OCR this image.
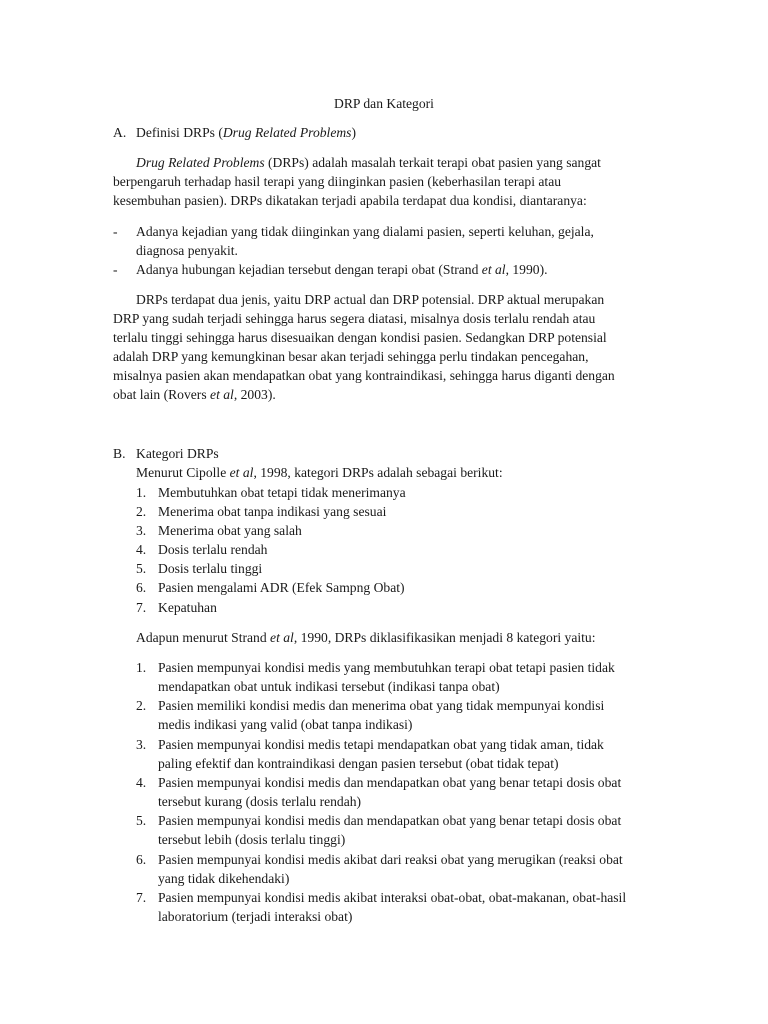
DRP dan Kategori
A. Definisi DRPs (Drug Related Problems)
Drug Related Problems (DRPs) adalah masalah terkait terapi obat pasien yang sangat
berpengaruh terhadap hasil terapi yang diinginkan pasien (keberhasilan terapi atau
kesembuhan pasien). DRPs dikatakan terjadi apabila terdapat dua kondisi, diantaranya:
- Adanya kejadian yang tidak diinginkan yang dialami pasien, seperti keluhan, gejala,
diagnosa penyakit.
- Adanya hubungan kejadian tersebut dengan terapi obat (Strand et al, 1990).
DRPs terdapat dua jenis, yaitu DRP actual dan DRP potensial. DRP aktual merupakan
DRP yang sudah terjadi sehingga harus segera diatasi, misalnya dosis terlalu rendah atau
terlalu tinggi sehingga harus disesuaikan dengan kondisi pasien. Sedangkan DRP potensial
adalah DRP yang kemungkinan besar akan terjadi sehingga perlu tindakan pencegahan,
misalnya pasien akan mendapatkan obat yang kontraindikasi, sehingga harus diganti dengan
obat lain (Rovers et al, 2003).
B. Kategori DRPs
Menurut Cipolle et al, 1998, kategori DRPs adalah sebagai berikut:
1. Membutuhkan obat tetapi tidak menerimanya
2. Menerima obat tanpa indikasi yang sesuai
3. Menerima obat yang salah
4. Dosis terlalu rendah
5. Dosis terlalu tinggi
6. Pasien mengalami ADR (Efek Sampng Obat)
7. Kepatuhan
Adapun menurut Strand et al, 1990, DRPs diklasifikasikan menjadi 8 kategori yaitu:
1. Pasien mempunyai kondisi medis yang membutuhkan terapi obat tetapi pasien tidak
mendapatkan obat untuk indikasi tersebut (indikasi tanpa obat)
2. Pasien memiliki kondisi medis dan menerima obat yang tidak mempunyai kondisi
medis indikasi yang valid (obat tanpa indikasi)
3. Pasien mempunyai kondisi medis tetapi mendapatkan obat yang tidak aman, tidak
paling efektif dan kontraindikasi dengan pasien tersebut (obat tidak tepat)
4. Pasien mempunyai kondisi medis dan mendapatkan obat yang benar tetapi dosis obat
tersebut kurang (dosis terlalu rendah)
5. Pasien mempunyai kondisi medis dan mendapatkan obat yang benar tetapi dosis obat
tersebut lebih (dosis terlalu tinggi)
6. Pasien mempunyai kondisi medis akibat dari reaksi obat yang merugikan (reaksi obat
yang tidak dikehendaki)
7. Pasien mempunyai kondisi medis akibat interaksi obat-obat, obat-makanan, obat-hasil
laboratorium (terjadi interaksi obat)
